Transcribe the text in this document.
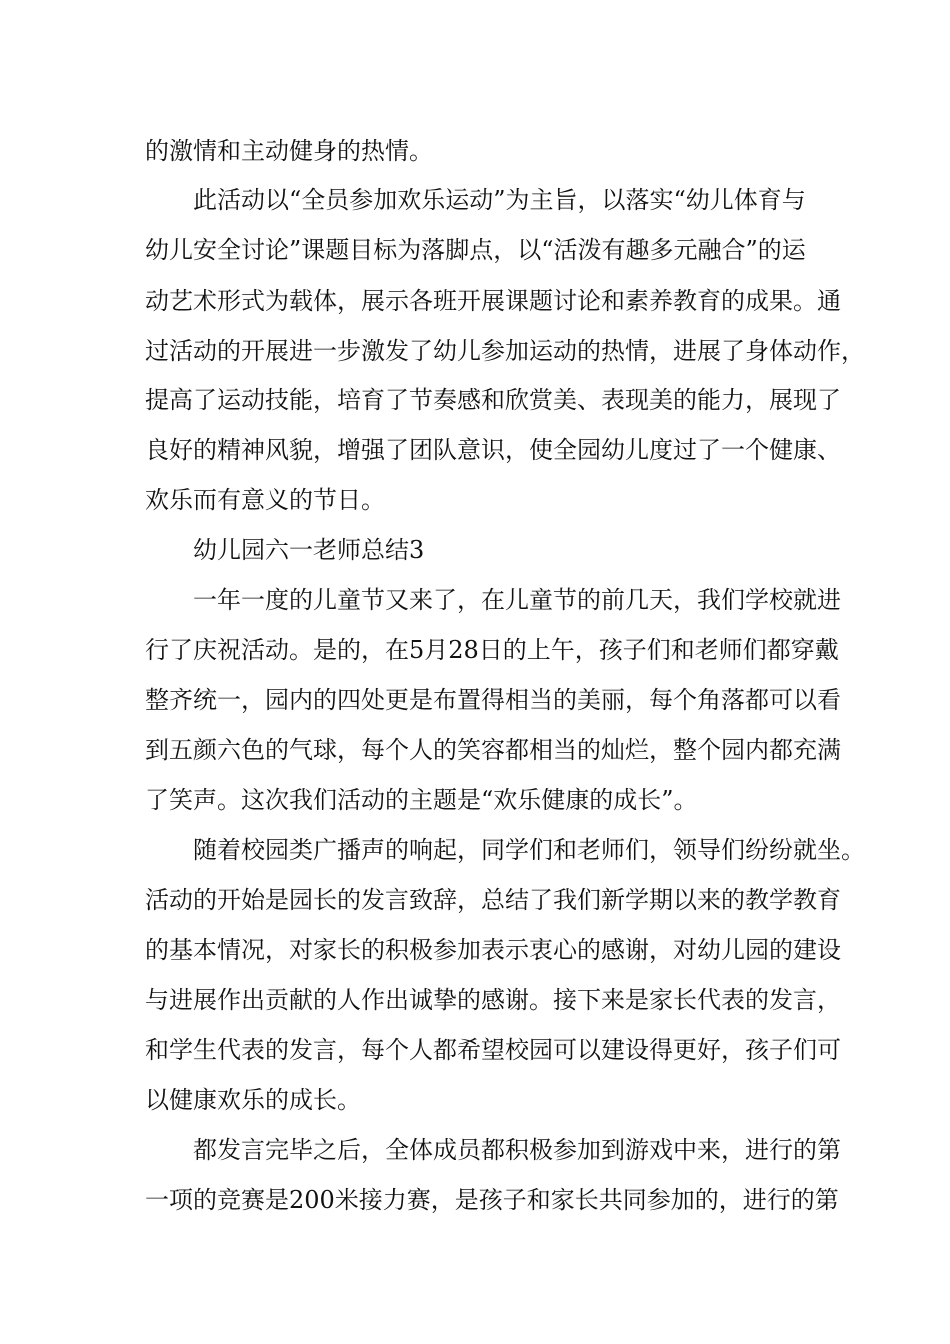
的激情和主动健身的热情。
此活动以“全员参加欢乐运动”为主旨，以落实“幼儿体育与
幼儿安全讨论”课题目标为落脚点，以“活泼有趣多元融合”的运
动艺术形式为载体，展示各班开展课题讨论和素养教育的成果。通
过活动的开展进一步激发了幼儿参加运动的热情，进展了身体动作，
提高了运动技能，培育了节奏感和欣赏美、表现美的能力，展现了
良好的精神风貌，增强了团队意识，使全园幼儿度过了一个健康、
欢乐而有意义的节日。
幼儿园六一老师总结3
一年一度的儿童节又来了，在儿童节的前几天，我们学校就进
行了庆祝活动。是的，在5月28日的上午，孩子们和老师们都穿戴
整齐统一，园内的四处更是布置得相当的美丽，每个角落都可以看
到五颜六色的气球，每个人的笑容都相当的灿烂，整个园内都充满
了笑声。这次我们活动的主题是“欢乐健康的成长”。
随着校园类广播声的响起，同学们和老师们，领导们纷纷就坐。
活动的开始是园长的发言致辞，总结了我们新学期以来的教学教育
的基本情况，对家长的积极参加表示衷心的感谢，对幼儿园的建设
与进展作出贡献的人作出诚挚的感谢。接下来是家长代表的发言，
和学生代表的发言，每个人都希望校园可以建设得更好，孩子们可
以健康欢乐的成长。
都发言完毕之后，全体成员都积极参加到游戏中来，进行的第
一项的竞赛是200米接力赛，是孩子和家长共同参加的，进行的第
